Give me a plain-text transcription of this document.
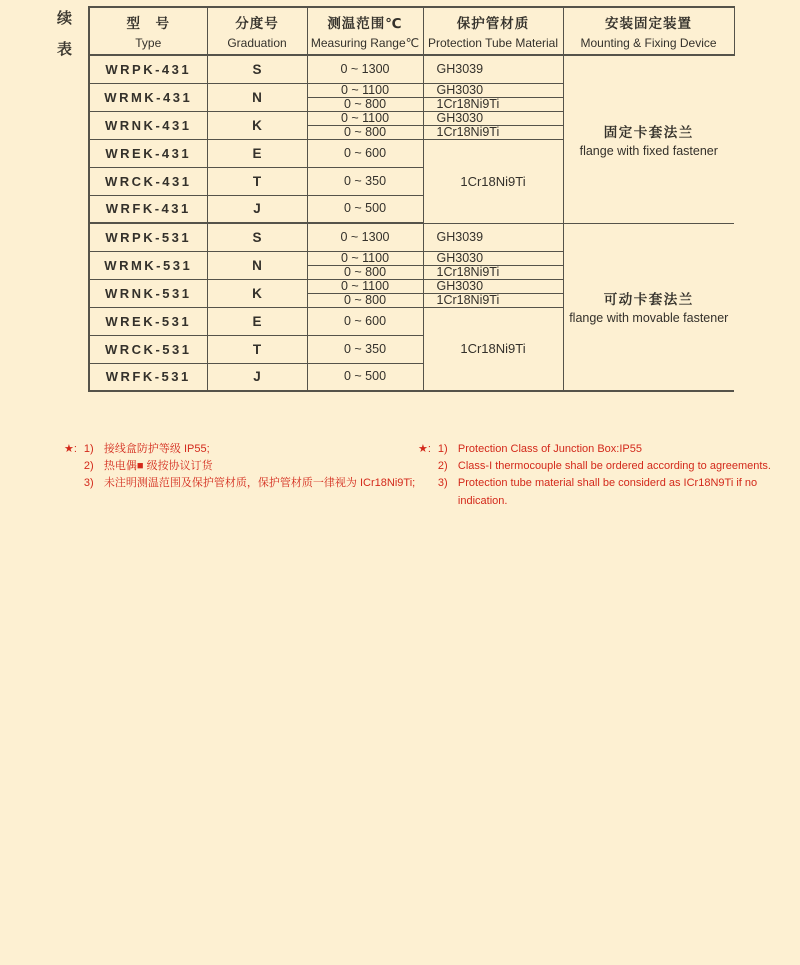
续
表
型　号
Type

分度号
Graduation

测温范围℃
Measuring Range℃

保护管材质
Protection Tube Material

安装固定装置
Mounting & Fixing Device

WRPK-431	S	0 ~ 1300	GH3039	固定卡套法兰
flange with fixed fastener

WRMK-431	N	0 ~ 1100	GH3030	
		0 ~ 800	1Cr18Ni9Ti	
WRNK-431	K	0 ~ 1100	GH3030	
		0 ~ 800	1Cr18Ni9Ti	
WREK-431	E	0 ~ 600	1Cr18Ni9Ti	
WRCK-431	T	0 ~ 350		
WRFK-431	J	0 ~ 500		
WRPK-531	S	0 ~ 1300	GH3039	可动卡套法兰
flange with movable fastener

WRMK-531	N	0 ~ 1100	GH3030	
		0 ~ 800	1Cr18Ni9Ti	
WRNK-531	K	0 ~ 1100	GH3030	
		0 ~ 800	1Cr18Ni9Ti	
WREK-531	E	0 ~ 600	1Cr18Ni9Ti	
WRCK-531	T	0 ~ 350		
WRFK-531	J	0 ~ 500		
★: 1) 接线盒防护等级 IP55;
2) 热电偶■ 级按协议订货
3) 未注明测温范围及保护管材质，保护管材质一律视为 ICr18Ni9Ti;
★: 1) Protection Class of Junction Box:IP55
2) Class-I thermocouple shall be ordered according to agreements.
3) Protection tube material shall be considerd as ICr18N9Ti if no
indication.
